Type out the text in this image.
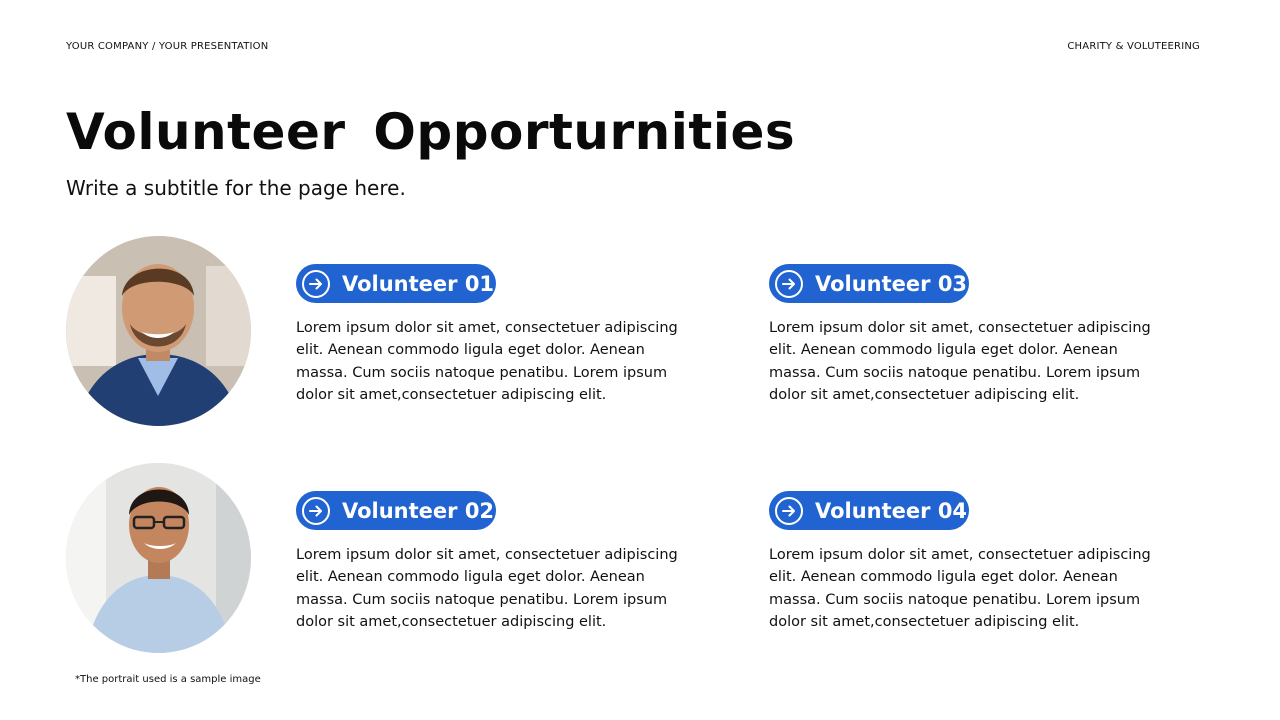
YOUR COMPANY / YOUR PRESENTATION	CHARITY & VOLUTEERING
Volunteer Opporturnities
Write a subtitle for the page here.
Volunteer 01
Lorem ipsum dolor sit amet, consectetuer adipiscing elit. Aenean commodo ligula eget dolor. Aenean massa. Cum sociis natoque penatibu. Lorem ipsum dolor sit amet,consectetuer adipiscing elit.
Volunteer 02
Lorem ipsum dolor sit amet, consectetuer adipiscing elit. Aenean commodo ligula eget dolor. Aenean massa. Cum sociis natoque penatibu. Lorem ipsum dolor sit amet,consectetuer adipiscing elit.
Volunteer 03
Lorem ipsum dolor sit amet, consectetuer adipiscing elit. Aenean commodo ligula eget dolor. Aenean massa. Cum sociis natoque penatibu. Lorem ipsum dolor sit amet,consectetuer adipiscing elit.
Volunteer 04
Lorem ipsum dolor sit amet, consectetuer adipiscing elit. Aenean commodo ligula eget dolor. Aenean massa. Cum sociis natoque penatibu. Lorem ipsum dolor sit amet,consectetuer adipiscing elit.
*The portrait used is a sample image
